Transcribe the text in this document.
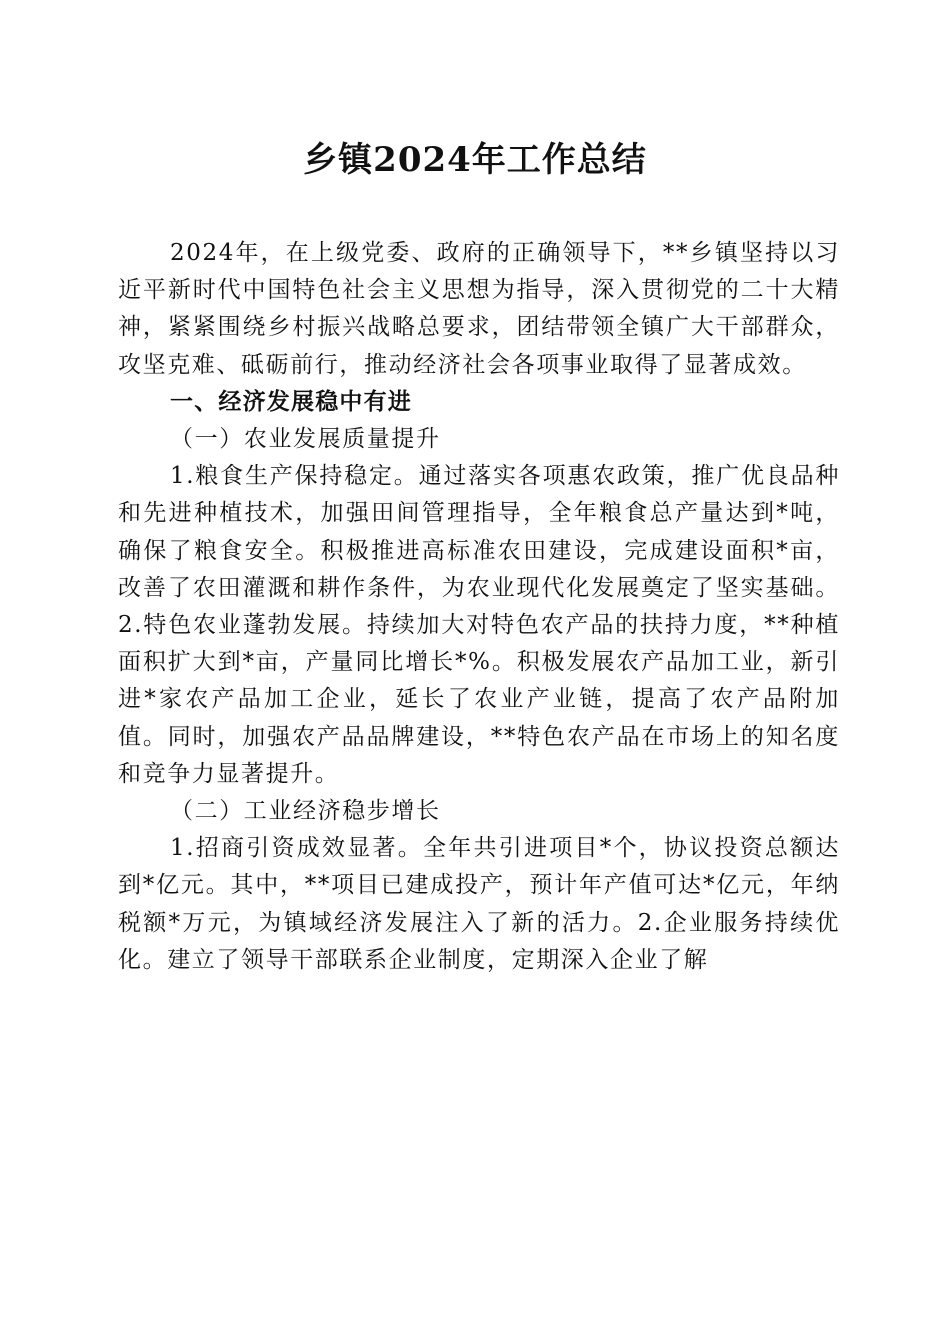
乡镇2024年工作总结

2024年，在上级党委、政府的正确领导下，**乡镇坚持以习近平新时代中国特色社会主义思想为指导，深入贯彻党的二十大精神，紧紧围绕乡村振兴战略总要求，团结带领全镇广大干部群众，攻坚克难、砥砺前行，推动经济社会各项事业取得了显著成效。

一、经济发展稳中有进

（一）农业发展质量提升

1.粮食生产保持稳定。通过落实各项惠农政策，推广优良品种和先进种植技术，加强田间管理指导，全年粮食总产量达到*吨，确保了粮食安全。积极推进高标准农田建设，完成建设面积*亩，改善了农田灌溉和耕作条件，为农业现代化发展奠定了坚实基础。2.特色农业蓬勃发展。持续加大对特色农产品的扶持力度，**种植面积扩大到*亩，产量同比增长*%。积极发展农产品加工业，新引进*家农产品加工企业，延长了农业产业链，提高了农产品附加值。同时，加强农产品品牌建设，**特色农产品在市场上的知名度和竞争力显著提升。

（二）工业经济稳步增长

1.招商引资成效显著。全年共引进项目*个，协议投资总额达到*亿元。其中，**项目已建成投产，预计年产值可达*亿元，年纳税额*万元，为镇域经济发展注入了新的活力。2.企业服务持续优化。建立了领导干部联系企业制度，定期深入企业了解
